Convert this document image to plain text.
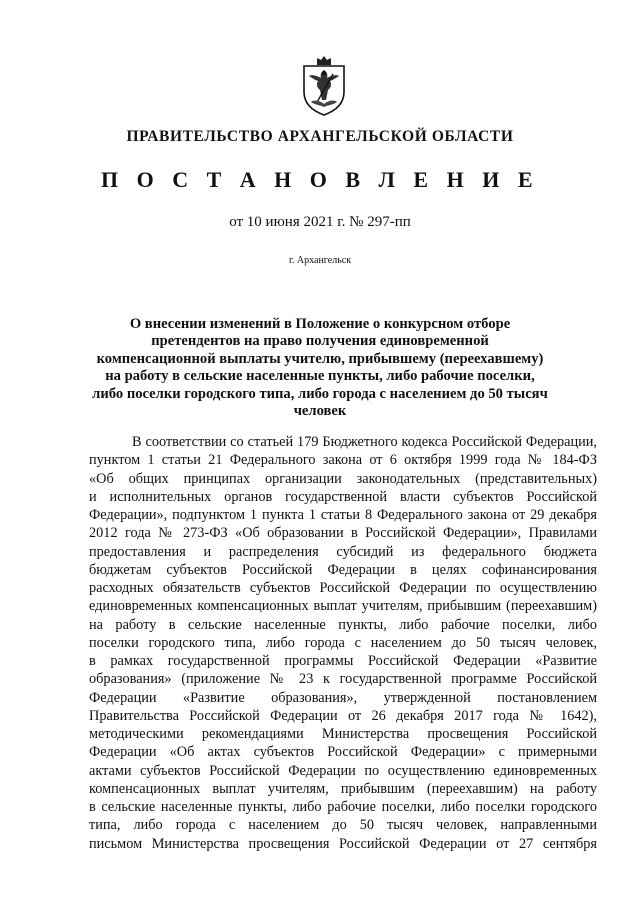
ПРАВИТЕЛЬСТВО АРХАНГЕЛЬСКОЙ ОБЛАСТИ
П О С Т А Н О В Л Е Н И Е
от 10 июня 2021 г. № 297-пп
г. Архангельск
О внесении изменений в Положение о конкурсном отборе претендентов на право получения единовременной компенсационной выплаты учителю, прибывшему (переехавшему) на работу в сельские населенные пункты, либо рабочие поселки, либо поселки городского типа, либо города с населением до 50 тысяч человек
В соответствии со статьей 179 Бюджетного кодекса Российской Федерации,
пунктом 1 статьи 21 Федерального закона от 6 октября 1999 года № 184-ФЗ
«Об общих принципах организации законодательных (представительных)
и исполнительных органов государственной власти субъектов Российской
Федерации», подпунктом 1 пункта 1 статьи 8 Федерального закона от 29 декабря
2012 года № 273-ФЗ «Об образовании в Российской Федерации», Правилами
предоставления и распределения субсидий из федерального бюджета
бюджетам субъектов Российской Федерации в целях софинансирования
расходных обязательств субъектов Российской Федерации по осуществлению
единовременных компенсационных выплат учителям, прибывшим (переехавшим)
на работу в сельские населенные пункты, либо рабочие поселки, либо
поселки городского типа, либо города с населением до 50 тысяч человек,
в рамках государственной программы Российской Федерации «Развитие
образования» (приложение № 23 к государственной программе Российской
Федерации «Развитие образования», утвержденной постановлением
Правительства Российской Федерации от 26 декабря 2017 года № 1642),
методическими рекомендациями Министерства просвещения Российской
Федерации «Об актах субъектов Российской Федерации» с примерными
актами субъектов Российской Федерации по осуществлению единовременных
компенсационных выплат учителям, прибывшим (переехавшим) на работу
в сельские населенные пункты, либо рабочие поселки, либо поселки городского
типа, либо города с населением до 50 тысяч человек, направленными
письмом Министерства просвещения Российской Федерации от 27 сентября
